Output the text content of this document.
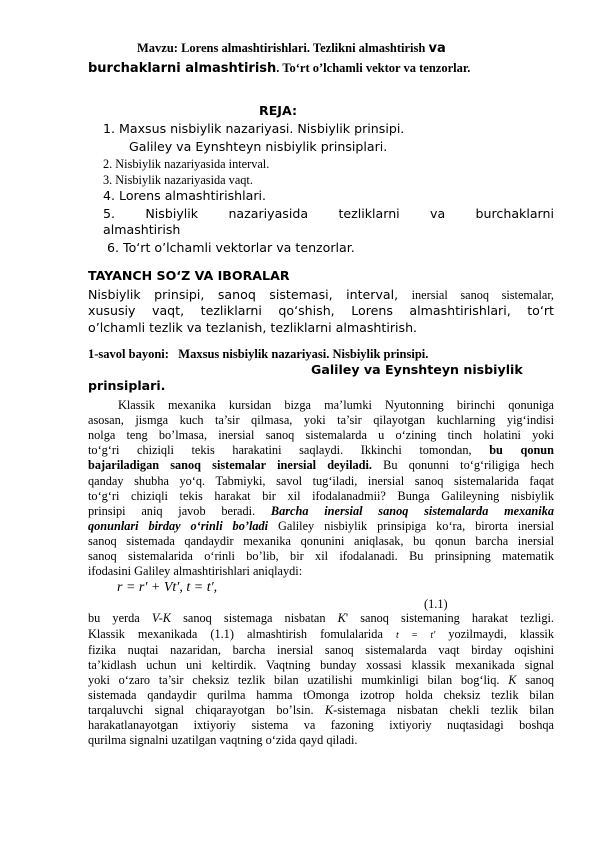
Mavzu: Lorens almashtirishlari. Tezlikni almashtirish va
burchaklarni almashtirish. To‘rt o’lchamli vektor va tenzorlar.
REJA:
1. Maxsus nisbiylik nazariyasi. Nisbiylik prinsipi.
Galiley va Eynshteyn nisbiylik prinsiplari.
2. Nisbiylik nazariyasida interval.
3. Nisbiylik nazariyasida vaqt.
4. Lorens almashtirishlari.
5. Nisbiylik nazariyasida tezliklarni va burchaklarni
almashtirish
6. To‘rt o’lchamli vektorlar va tenzorlar.
TAYANCH SO‘Z VA IBORALAR
Nisbiylik prinsipi, sanoq sistemasi, interval, inersial sanoq sistemalar,
xususiy vaqt, tezliklarni qo‘shish, Lorens almashtirishlari, to‘rt
o’lchamli tezlik va tezlanish, tezliklarni almashtirish.
1-savol bayoni: Maxsus nisbiylik nazariyasi. Nisbiylik prinsipi.
Galiley va Eynshteyn nisbiylik
prinsiplari.
Klassik mexanika kursidan bizga ma’lumki Nyutonning birinchi qonuniga
asosan, jismga kuch ta’sir qilmasa, yoki ta’sir qilayotgan kuchlarning yig‘indisi
nolga teng bo’lmasa, inersial sanoq sistemalarda u o‘zining tinch holatini yoki
to‘g‘ri chiziqli tekis harakatini saqlaydi. Ikkinchi tomondan, bu qonun
bajariladigan sanoq sistemalar inersial deyiladi. Bu qonunni to‘g‘riligiga hech
qanday shubha yo‘q. Tabmiyki, savol tug‘iladi, inersial sanoq sistemalarida faqat
to‘g‘ri chiziqli tekis harakat bir xil ifodalanadmii? Bunga Galileyning nisbiylik
prinsipi aniq javob beradi. Barcha inersial sanoq sistemalarda mexanika
qonunlari birday o‘rinli bo’ladi Galiley nisbiylik prinsipiga ko‘ra, birorta inersial
sanoq sistemada qandaydir mexanika qonunini aniqlasak, bu qonun barcha inersial
sanoq sistemalarida o‘rinli bo’lib, bir xil ifodalanadi. Bu prinsipning matematik
ifodasini Galiley almashtirishlari aniqlaydi:
r = r′ + Vt′, t = t′,
(1.1)
bu yerda V-K sanoq sistemaga nisbatan K' sanoq sistemaning harakat tezligi.
Klassik mexanikada (1.1) almashtirish fomulalarida t = t′ yozilmaydi, klassik
fizika nuqtai nazaridan, barcha inersial sanoq sistemalarda vaqt birday oqishini
ta’kidlash uchun uni keltirdik. Vaqtning bunday xossasi klassik mexanikada signal
yoki o‘zaro ta’sir cheksiz tezlik bilan uzatilishi mumkinligi bilan bog‘liq. K sanoq
sistemada qandaydir qurilma hamma tOmonga izotrop holda cheksiz tezlik bilan
tarqaluvchi signal chiqarayotgan bo’lsin. K-sistemaga nisbatan chekli tezlik bilan
harakatlanayotgan ixtiyoriy sistema va fazoning ixtiyoriy nuqtasidagi boshqa
qurilma signalni uzatilgan vaqtning o‘zida qayd qiladi.
